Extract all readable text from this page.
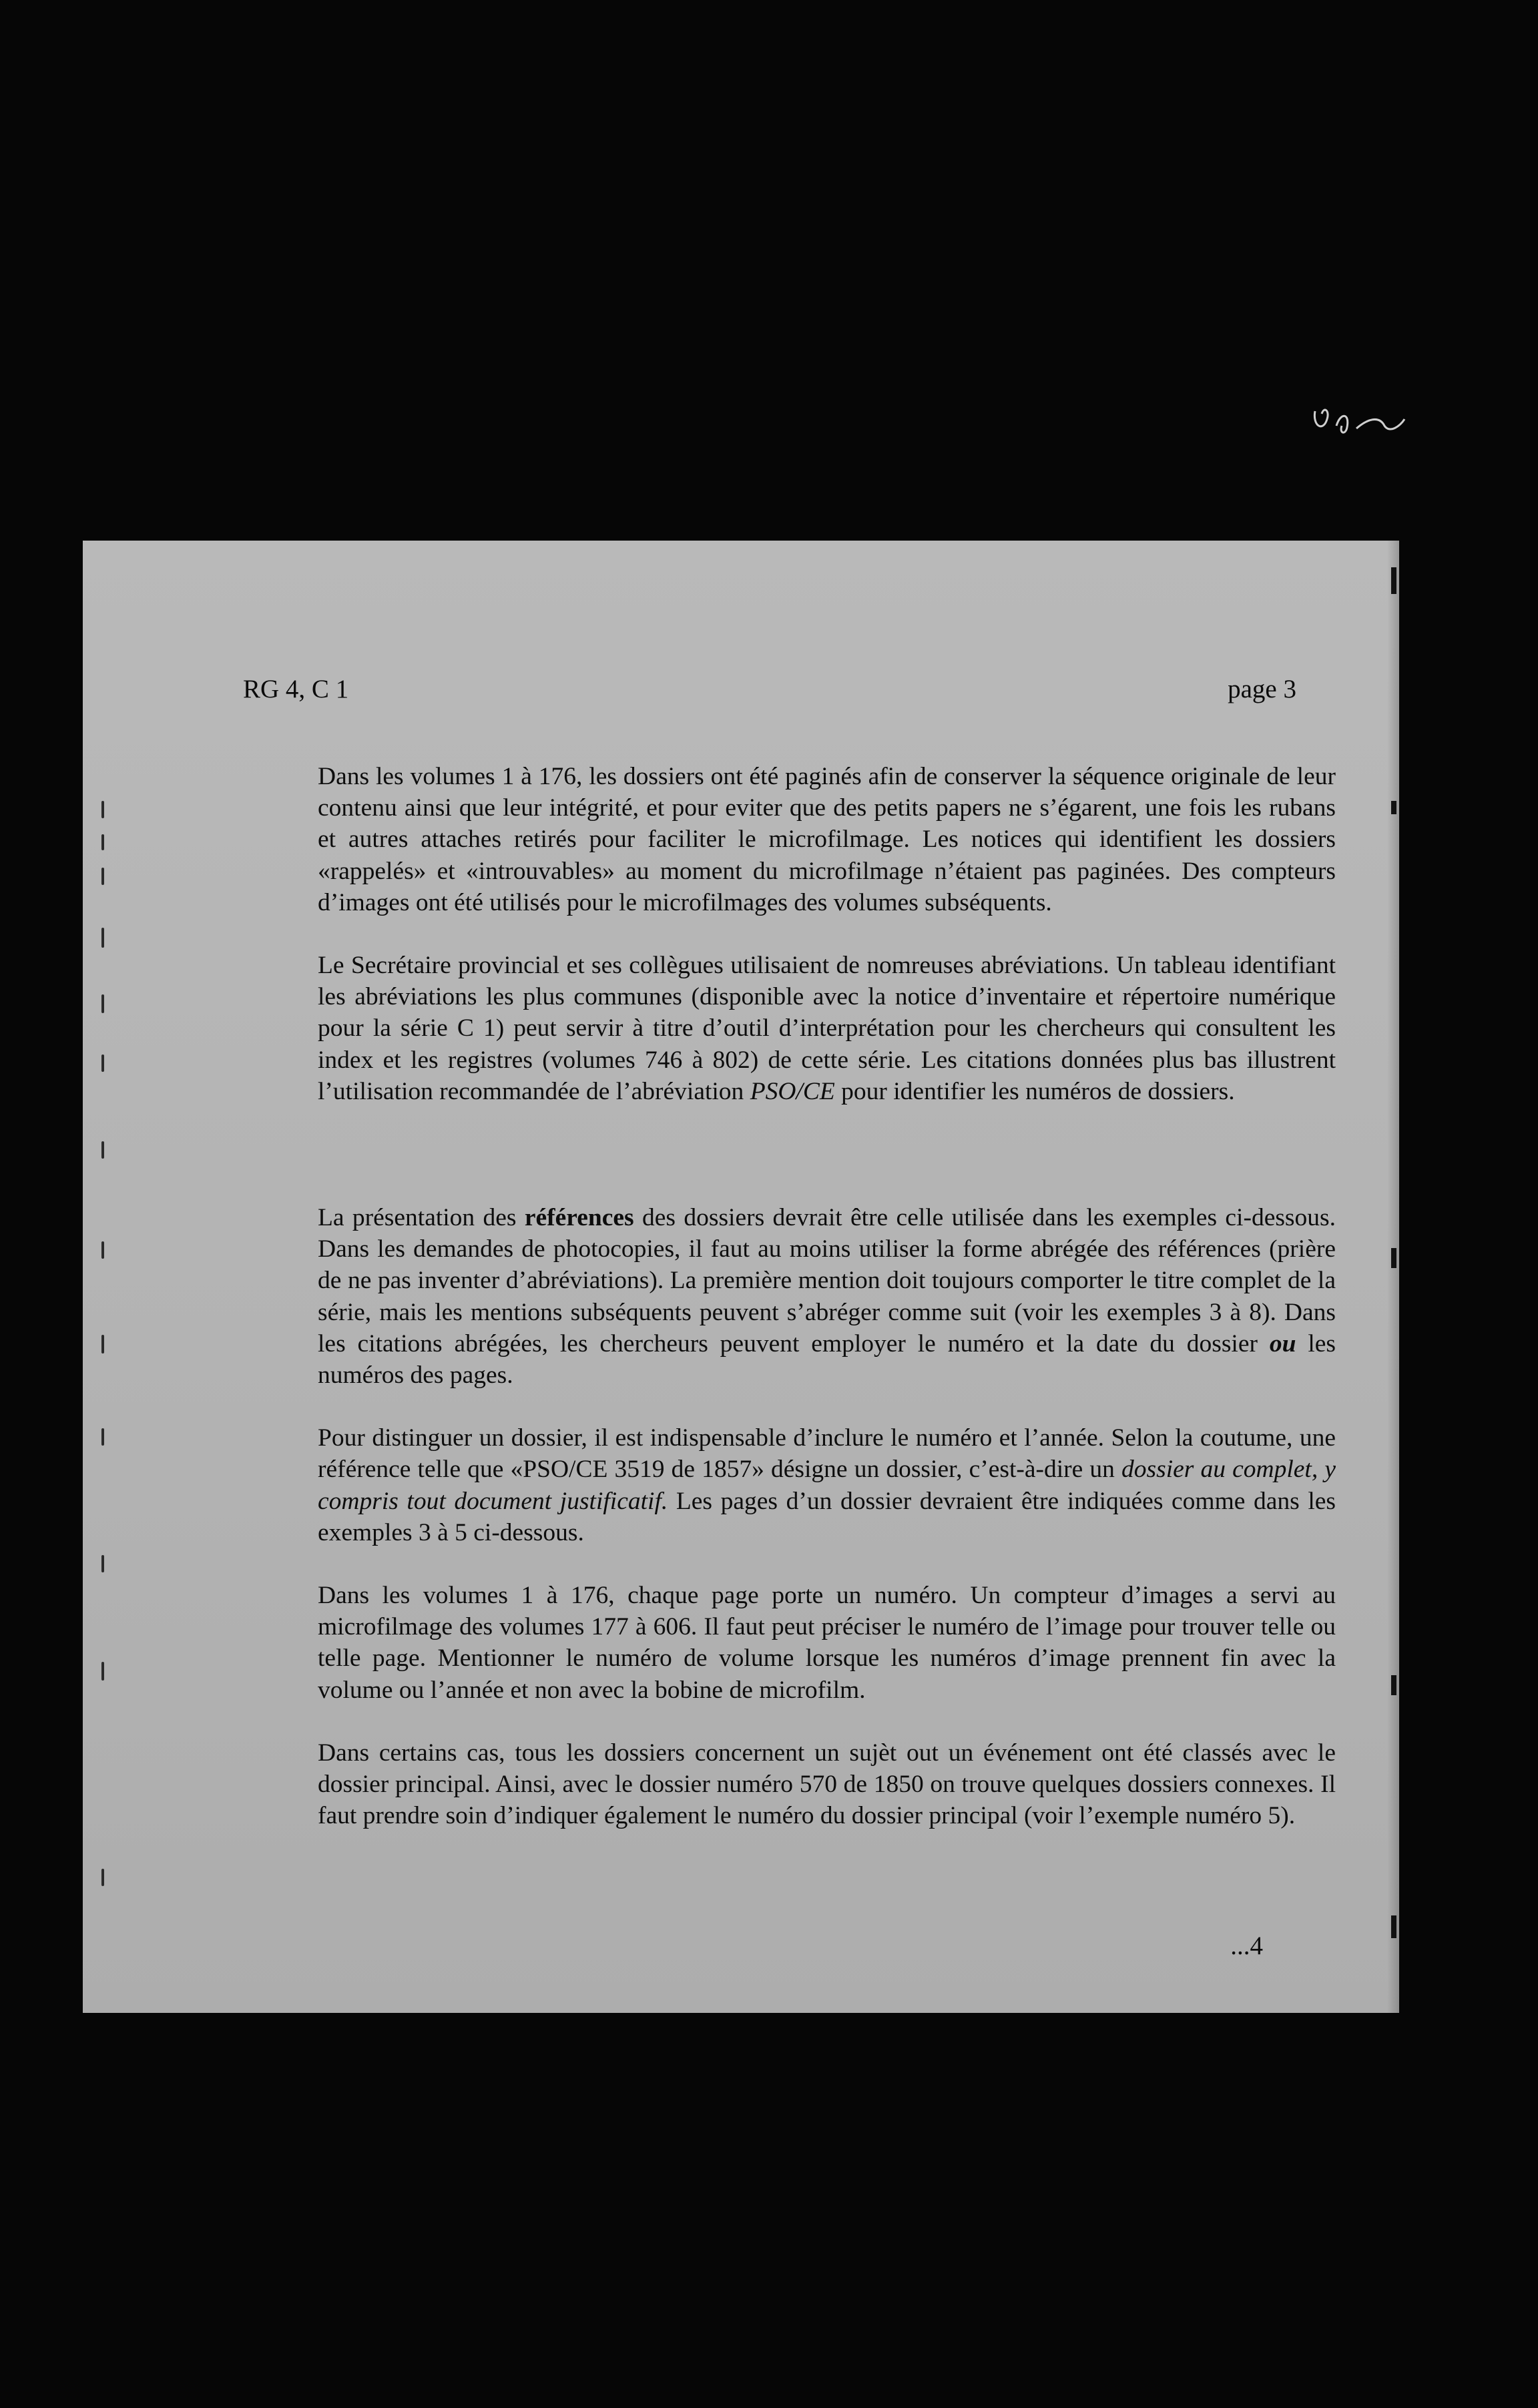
RG 4, C 1	page 3

Dans les volumes 1 à 176, les dossiers ont été paginés afin de conserver la séquence originale de leur contenu ainsi que leur intégrité, et pour eviter que des petits papers ne s’égarent, une fois les rubans et autres attaches retirés pour faciliter le microfilmage. Les notices qui identifient les dossiers «rappelés» et «introuvables» au moment du microfilmage n’étaient pas paginées. Des compteurs d’images ont été utilisés pour le microfilmages des volumes subséquents.

Le Secrétaire provincial et ses collègues utilisaient de nomreuses abréviations. Un tableau identifiant les abréviations les plus communes (disponible avec la notice d’inventaire et répertoire numérique pour la série C 1) peut servir à titre d’outil d’interprétation pour les chercheurs qui consultent les index et les registres (volumes 746 à 802) de cette série. Les citations données plus bas illustrent l’utilisation recommandée de l’abréviation PSO/CE pour identifier les numéros de dossiers.

La présentation des références des dossiers devrait être celle utilisée dans les exemples ci-dessous. Dans les demandes de photocopies, il faut au moins utiliser la forme abrégée des références (prière de ne pas inventer d’abréviations). La première mention doit toujours comporter le titre complet de la série, mais les mentions subséquents peuvent s’abréger comme suit (voir les exemples 3 à 8). Dans les citations abrégées, les chercheurs peuvent employer le numéro et la date du dossier ou les numéros des pages.

Pour distinguer un dossier, il est indispensable d’inclure le numéro et l’année. Selon la coutume, une référence telle que «PSO/CE 3519 de 1857» désigne un dossier, c’est-à-dire un dossier au complet, y compris tout document justificatif. Les pages d’un dossier devraient être indiquées comme dans les exemples 3 à 5 ci-dessous.

Dans les volumes 1 à 176, chaque page porte un numéro. Un compteur d’images a servi au microfilmage des volumes 177 à 606. Il faut peut préciser le numéro de l’image pour trouver telle ou telle page. Mentionner le numéro de volume lorsque les numéros d’image prennent fin avec la volume ou l’année et non avec la bobine de microfilm.

Dans certains cas, tous les dossiers concernent un sujèt out un événement ont été classés avec le dossier principal. Ainsi, avec le dossier numéro 570 de 1850 on trouve quelques dossiers connexes. Il faut prendre soin d’indiquer également le numéro du dossier principal (voir l’exemple numéro 5).

...4
